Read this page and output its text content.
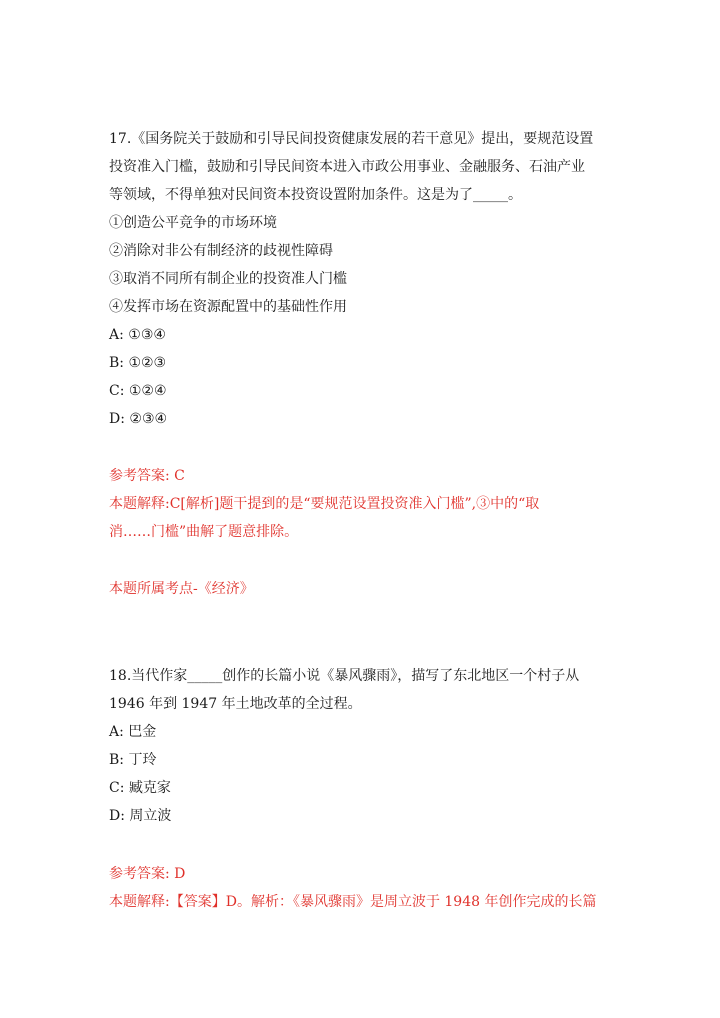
17.《国务院关于鼓励和引导民间投资健康发展的若干意见》提出，要规范设置
投资准入门槛，鼓励和引导民间资本进入市政公用事业、金融服务、石油产业
等领域，不得单独对民间资本投资设置附加条件。这是为了_____。
①创造公平竞争的市场环境
②消除对非公有制经济的歧视性障碍
③取消不同所有制企业的投资准人门槛
④发挥市场在资源配置中的基础性作用
A: ①③④
B: ①②③
C: ①②④
D: ②③④
参考答案: C
本题解释:C[解析]题干提到的是“要规范设置投资准入门槛”,③中的“取
消……门槛”曲解了题意排除。
本题所属考点-《经济》
18.当代作家_____创作的长篇小说《暴风骤雨》，描写了东北地区一个村子从
1946 年到 1947 年土地改革的全过程。
A: 巴金
B: 丁玲
C: 臧克家
D: 周立波
参考答案: D
本题解释:【答案】D。解析：《暴风骤雨》是周立波于 1948 年创作完成的长篇
